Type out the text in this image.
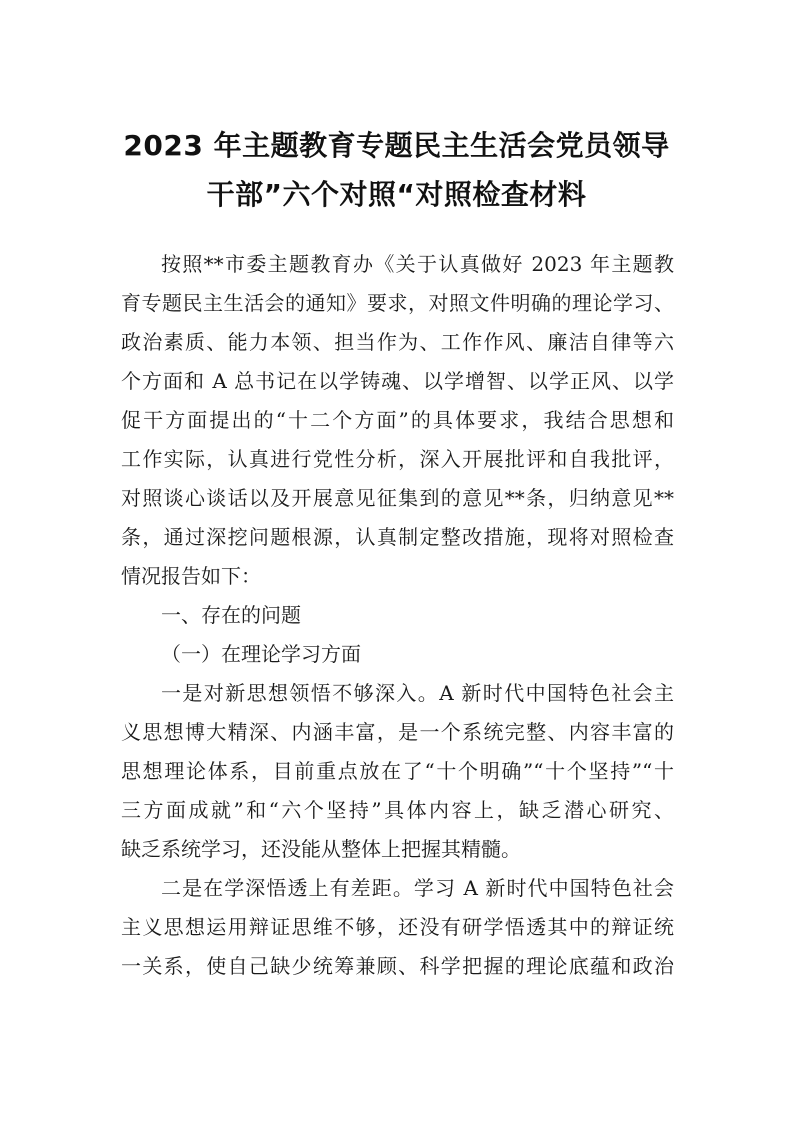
2023 年主题教育专题民主生活会党员领导
干部”六个对照“对照检查材料
按照**市委主题教育办《关于认真做好 2023 年主题教
育专题民主生活会的通知》要求，对照文件明确的理论学习、
政治素质、能力本领、担当作为、工作作风、廉洁自律等六
个方面和 A 总书记在以学铸魂、以学增智、以学正风、以学
促干方面提出的“十二个方面”的具体要求，我结合思想和
工作实际，认真进行党性分析，深入开展批评和自我批评，
对照谈心谈话以及开展意见征集到的意见**条，归纳意见**
条，通过深挖问题根源，认真制定整改措施，现将对照检查
情况报告如下：
一、存在的问题
（一）在理论学习方面
一是对新思想领悟不够深入。A 新时代中国特色社会主
义思想博大精深、内涵丰富，是一个系统完整、内容丰富的
思想理论体系，目前重点放在了“十个明确”“十个坚持”“十
三方面成就”和“六个坚持”具体内容上，缺乏潜心研究、
缺乏系统学习，还没能从整体上把握其精髓。
二是在学深悟透上有差距。学习 A 新时代中国特色社会
主义思想运用辩证思维不够，还没有研学悟透其中的辩证统
一关系，使自己缺少统筹兼顾、科学把握的理论底蕴和政治
